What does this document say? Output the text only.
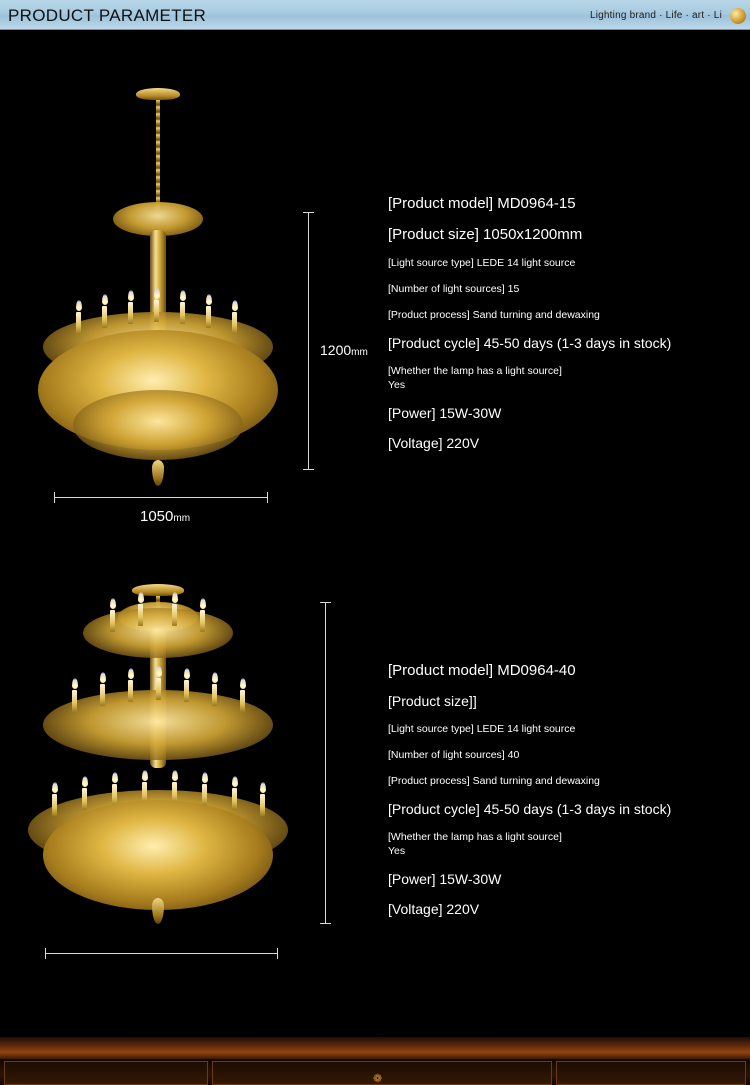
PRODUCT PARAMETER	Lighting brand · Life · art · Li
1200mm
1050mm
[Product model] MD0964-15
[Product size] 1050x1200mm
[Light source type] LEDE 14 light source
[Number of light sources] 15
[Product process] Sand turning and dewaxing
[Product cycle] 45-50 days (1-3 days in stock)
[Whether the lamp has a light source]
Yes
[Power] 15W-30W
[Voltage] 220V
[Product model] MD0964-40
[Product size]]
[Light source type] LEDE 14 light source
[Number of light sources] 40
[Product process] Sand turning and dewaxing
[Product cycle] 45-50 days (1-3 days in stock)
[Whether the lamp has a light source]
Yes
[Power] 15W-30W
[Voltage] 220V
❁
